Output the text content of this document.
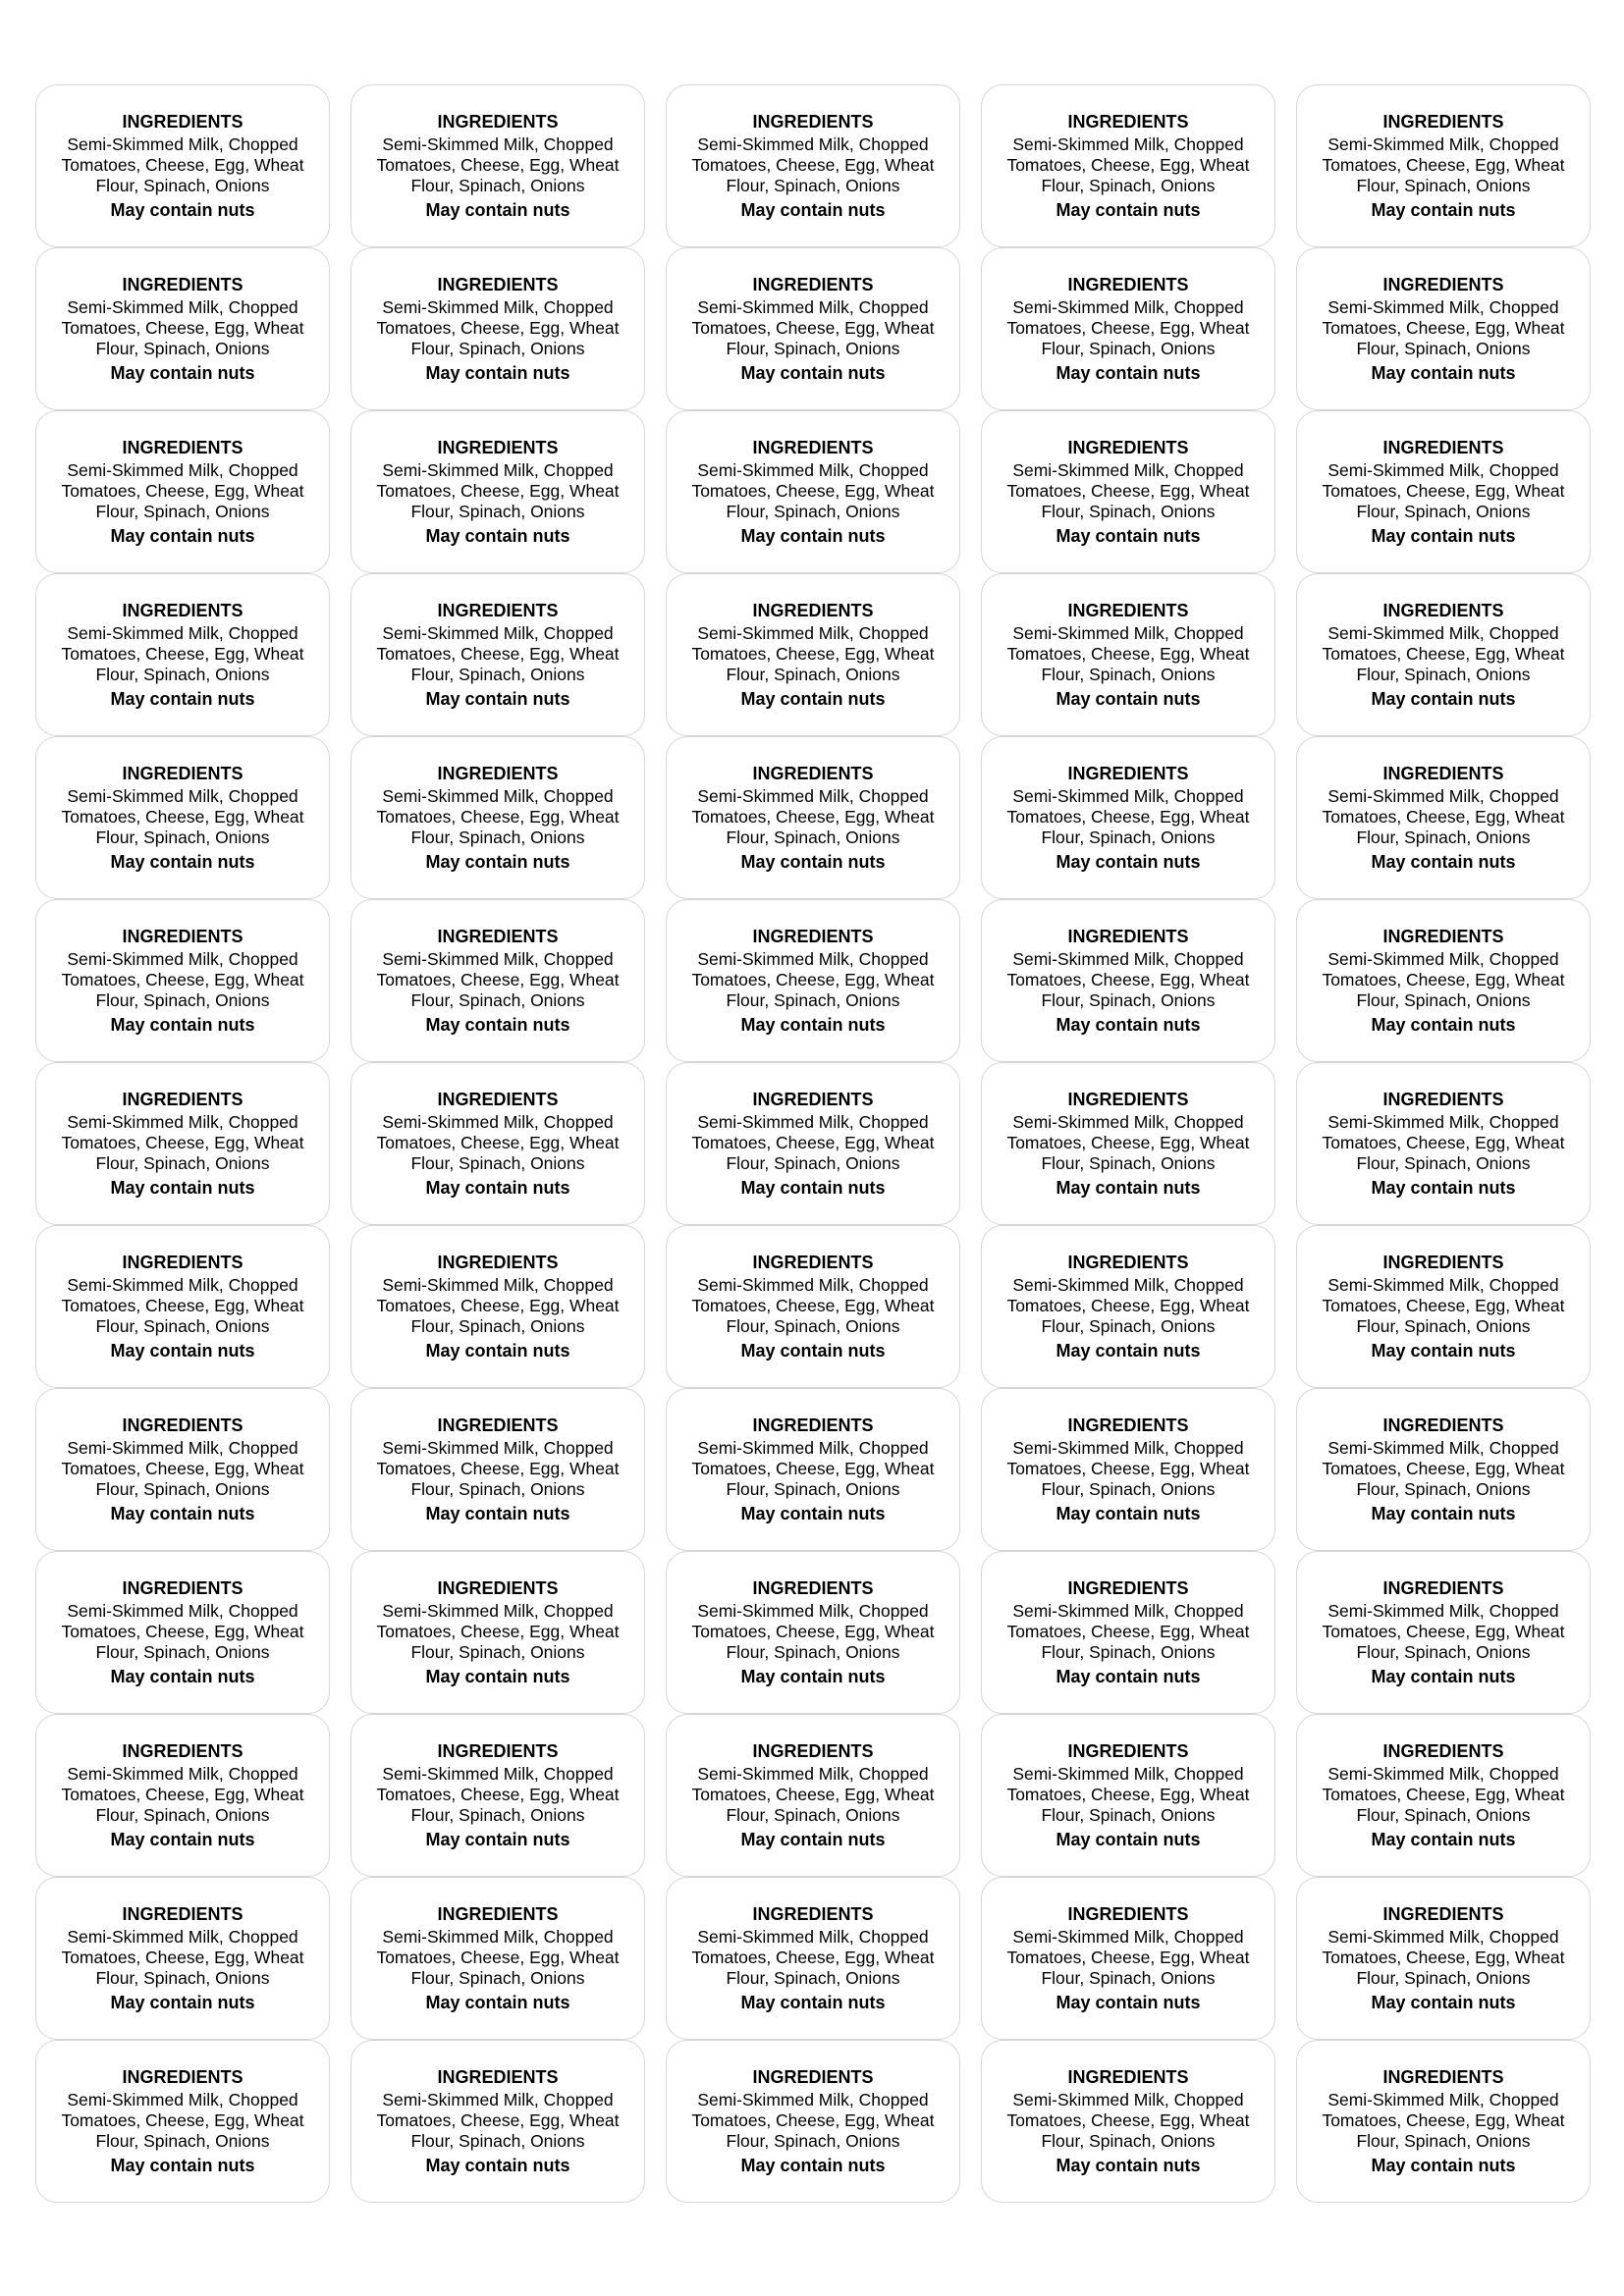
INGREDIENTS
Semi-Skimmed Milk, Chopped
Tomatoes, Cheese, Egg, Wheat
Flour, Spinach, Onions
May contain nuts
INGREDIENTS
Semi-Skimmed Milk, Chopped
Tomatoes, Cheese, Egg, Wheat
Flour, Spinach, Onions
May contain nuts
INGREDIENTS
Semi-Skimmed Milk, Chopped
Tomatoes, Cheese, Egg, Wheat
Flour, Spinach, Onions
May contain nuts
INGREDIENTS
Semi-Skimmed Milk, Chopped
Tomatoes, Cheese, Egg, Wheat
Flour, Spinach, Onions
May contain nuts
INGREDIENTS
Semi-Skimmed Milk, Chopped
Tomatoes, Cheese, Egg, Wheat
Flour, Spinach, Onions
May contain nuts
INGREDIENTS
Semi-Skimmed Milk, Chopped
Tomatoes, Cheese, Egg, Wheat
Flour, Spinach, Onions
May contain nuts
INGREDIENTS
Semi-Skimmed Milk, Chopped
Tomatoes, Cheese, Egg, Wheat
Flour, Spinach, Onions
May contain nuts
INGREDIENTS
Semi-Skimmed Milk, Chopped
Tomatoes, Cheese, Egg, Wheat
Flour, Spinach, Onions
May contain nuts
INGREDIENTS
Semi-Skimmed Milk, Chopped
Tomatoes, Cheese, Egg, Wheat
Flour, Spinach, Onions
May contain nuts
INGREDIENTS
Semi-Skimmed Milk, Chopped
Tomatoes, Cheese, Egg, Wheat
Flour, Spinach, Onions
May contain nuts
INGREDIENTS
Semi-Skimmed Milk, Chopped
Tomatoes, Cheese, Egg, Wheat
Flour, Spinach, Onions
May contain nuts
INGREDIENTS
Semi-Skimmed Milk, Chopped
Tomatoes, Cheese, Egg, Wheat
Flour, Spinach, Onions
May contain nuts
INGREDIENTS
Semi-Skimmed Milk, Chopped
Tomatoes, Cheese, Egg, Wheat
Flour, Spinach, Onions
May contain nuts
INGREDIENTS
Semi-Skimmed Milk, Chopped
Tomatoes, Cheese, Egg, Wheat
Flour, Spinach, Onions
May contain nuts
INGREDIENTS
Semi-Skimmed Milk, Chopped
Tomatoes, Cheese, Egg, Wheat
Flour, Spinach, Onions
May contain nuts
INGREDIENTS
Semi-Skimmed Milk, Chopped
Tomatoes, Cheese, Egg, Wheat
Flour, Spinach, Onions
May contain nuts
INGREDIENTS
Semi-Skimmed Milk, Chopped
Tomatoes, Cheese, Egg, Wheat
Flour, Spinach, Onions
May contain nuts
INGREDIENTS
Semi-Skimmed Milk, Chopped
Tomatoes, Cheese, Egg, Wheat
Flour, Spinach, Onions
May contain nuts
INGREDIENTS
Semi-Skimmed Milk, Chopped
Tomatoes, Cheese, Egg, Wheat
Flour, Spinach, Onions
May contain nuts
INGREDIENTS
Semi-Skimmed Milk, Chopped
Tomatoes, Cheese, Egg, Wheat
Flour, Spinach, Onions
May contain nuts
INGREDIENTS
Semi-Skimmed Milk, Chopped
Tomatoes, Cheese, Egg, Wheat
Flour, Spinach, Onions
May contain nuts
INGREDIENTS
Semi-Skimmed Milk, Chopped
Tomatoes, Cheese, Egg, Wheat
Flour, Spinach, Onions
May contain nuts
INGREDIENTS
Semi-Skimmed Milk, Chopped
Tomatoes, Cheese, Egg, Wheat
Flour, Spinach, Onions
May contain nuts
INGREDIENTS
Semi-Skimmed Milk, Chopped
Tomatoes, Cheese, Egg, Wheat
Flour, Spinach, Onions
May contain nuts
INGREDIENTS
Semi-Skimmed Milk, Chopped
Tomatoes, Cheese, Egg, Wheat
Flour, Spinach, Onions
May contain nuts
INGREDIENTS
Semi-Skimmed Milk, Chopped
Tomatoes, Cheese, Egg, Wheat
Flour, Spinach, Onions
May contain nuts
INGREDIENTS
Semi-Skimmed Milk, Chopped
Tomatoes, Cheese, Egg, Wheat
Flour, Spinach, Onions
May contain nuts
INGREDIENTS
Semi-Skimmed Milk, Chopped
Tomatoes, Cheese, Egg, Wheat
Flour, Spinach, Onions
May contain nuts
INGREDIENTS
Semi-Skimmed Milk, Chopped
Tomatoes, Cheese, Egg, Wheat
Flour, Spinach, Onions
May contain nuts
INGREDIENTS
Semi-Skimmed Milk, Chopped
Tomatoes, Cheese, Egg, Wheat
Flour, Spinach, Onions
May contain nuts
INGREDIENTS
Semi-Skimmed Milk, Chopped
Tomatoes, Cheese, Egg, Wheat
Flour, Spinach, Onions
May contain nuts
INGREDIENTS
Semi-Skimmed Milk, Chopped
Tomatoes, Cheese, Egg, Wheat
Flour, Spinach, Onions
May contain nuts
INGREDIENTS
Semi-Skimmed Milk, Chopped
Tomatoes, Cheese, Egg, Wheat
Flour, Spinach, Onions
May contain nuts
INGREDIENTS
Semi-Skimmed Milk, Chopped
Tomatoes, Cheese, Egg, Wheat
Flour, Spinach, Onions
May contain nuts
INGREDIENTS
Semi-Skimmed Milk, Chopped
Tomatoes, Cheese, Egg, Wheat
Flour, Spinach, Onions
May contain nuts
INGREDIENTS
Semi-Skimmed Milk, Chopped
Tomatoes, Cheese, Egg, Wheat
Flour, Spinach, Onions
May contain nuts
INGREDIENTS
Semi-Skimmed Milk, Chopped
Tomatoes, Cheese, Egg, Wheat
Flour, Spinach, Onions
May contain nuts
INGREDIENTS
Semi-Skimmed Milk, Chopped
Tomatoes, Cheese, Egg, Wheat
Flour, Spinach, Onions
May contain nuts
INGREDIENTS
Semi-Skimmed Milk, Chopped
Tomatoes, Cheese, Egg, Wheat
Flour, Spinach, Onions
May contain nuts
INGREDIENTS
Semi-Skimmed Milk, Chopped
Tomatoes, Cheese, Egg, Wheat
Flour, Spinach, Onions
May contain nuts
INGREDIENTS
Semi-Skimmed Milk, Chopped
Tomatoes, Cheese, Egg, Wheat
Flour, Spinach, Onions
May contain nuts
INGREDIENTS
Semi-Skimmed Milk, Chopped
Tomatoes, Cheese, Egg, Wheat
Flour, Spinach, Onions
May contain nuts
INGREDIENTS
Semi-Skimmed Milk, Chopped
Tomatoes, Cheese, Egg, Wheat
Flour, Spinach, Onions
May contain nuts
INGREDIENTS
Semi-Skimmed Milk, Chopped
Tomatoes, Cheese, Egg, Wheat
Flour, Spinach, Onions
May contain nuts
INGREDIENTS
Semi-Skimmed Milk, Chopped
Tomatoes, Cheese, Egg, Wheat
Flour, Spinach, Onions
May contain nuts
INGREDIENTS
Semi-Skimmed Milk, Chopped
Tomatoes, Cheese, Egg, Wheat
Flour, Spinach, Onions
May contain nuts
INGREDIENTS
Semi-Skimmed Milk, Chopped
Tomatoes, Cheese, Egg, Wheat
Flour, Spinach, Onions
May contain nuts
INGREDIENTS
Semi-Skimmed Milk, Chopped
Tomatoes, Cheese, Egg, Wheat
Flour, Spinach, Onions
May contain nuts
INGREDIENTS
Semi-Skimmed Milk, Chopped
Tomatoes, Cheese, Egg, Wheat
Flour, Spinach, Onions
May contain nuts
INGREDIENTS
Semi-Skimmed Milk, Chopped
Tomatoes, Cheese, Egg, Wheat
Flour, Spinach, Onions
May contain nuts
INGREDIENTS
Semi-Skimmed Milk, Chopped
Tomatoes, Cheese, Egg, Wheat
Flour, Spinach, Onions
May contain nuts
INGREDIENTS
Semi-Skimmed Milk, Chopped
Tomatoes, Cheese, Egg, Wheat
Flour, Spinach, Onions
May contain nuts
INGREDIENTS
Semi-Skimmed Milk, Chopped
Tomatoes, Cheese, Egg, Wheat
Flour, Spinach, Onions
May contain nuts
INGREDIENTS
Semi-Skimmed Milk, Chopped
Tomatoes, Cheese, Egg, Wheat
Flour, Spinach, Onions
May contain nuts
INGREDIENTS
Semi-Skimmed Milk, Chopped
Tomatoes, Cheese, Egg, Wheat
Flour, Spinach, Onions
May contain nuts
INGREDIENTS
Semi-Skimmed Milk, Chopped
Tomatoes, Cheese, Egg, Wheat
Flour, Spinach, Onions
May contain nuts
INGREDIENTS
Semi-Skimmed Milk, Chopped
Tomatoes, Cheese, Egg, Wheat
Flour, Spinach, Onions
May contain nuts
INGREDIENTS
Semi-Skimmed Milk, Chopped
Tomatoes, Cheese, Egg, Wheat
Flour, Spinach, Onions
May contain nuts
INGREDIENTS
Semi-Skimmed Milk, Chopped
Tomatoes, Cheese, Egg, Wheat
Flour, Spinach, Onions
May contain nuts
INGREDIENTS
Semi-Skimmed Milk, Chopped
Tomatoes, Cheese, Egg, Wheat
Flour, Spinach, Onions
May contain nuts
INGREDIENTS
Semi-Skimmed Milk, Chopped
Tomatoes, Cheese, Egg, Wheat
Flour, Spinach, Onions
May contain nuts
INGREDIENTS
Semi-Skimmed Milk, Chopped
Tomatoes, Cheese, Egg, Wheat
Flour, Spinach, Onions
May contain nuts
INGREDIENTS
Semi-Skimmed Milk, Chopped
Tomatoes, Cheese, Egg, Wheat
Flour, Spinach, Onions
May contain nuts
INGREDIENTS
Semi-Skimmed Milk, Chopped
Tomatoes, Cheese, Egg, Wheat
Flour, Spinach, Onions
May contain nuts
INGREDIENTS
Semi-Skimmed Milk, Chopped
Tomatoes, Cheese, Egg, Wheat
Flour, Spinach, Onions
May contain nuts
